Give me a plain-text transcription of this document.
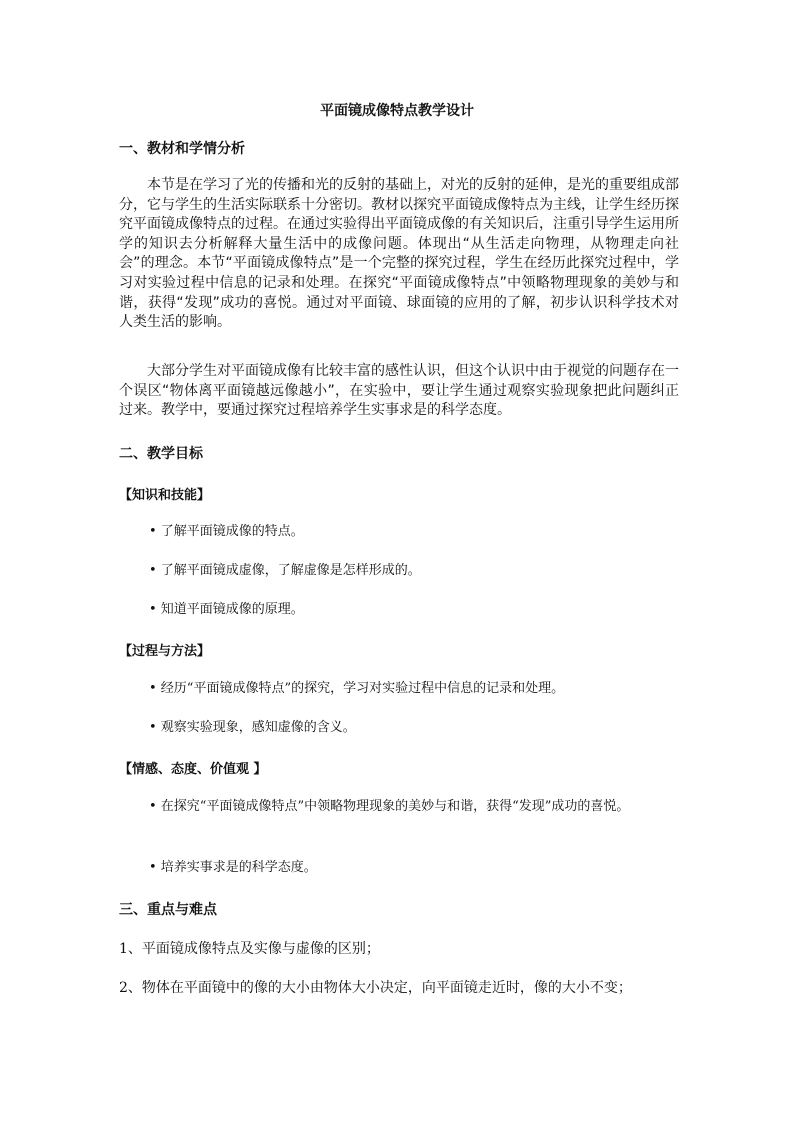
平面镜成像特点教学设计
一、教材和学情分析
本节是在学习了光的传播和光的反射的基础上，对光的反射的延伸，是光的重要组成部分，它与学生的生活实际联系十分密切。教材以探究平面镜成像特点为主线，让学生经历探究平面镜成像特点的过程。在通过实验得出平面镜成像的有关知识后，注重引导学生运用所学的知识去分析解释大量生活中的成像问题。体现出“从生活走向物理，从物理走向社会”的理念。本节“平面镜成像特点”是一个完整的探究过程，学生在经历此探究过程中，学习对实验过程中信息的记录和处理。在探究“平面镜成像特点”中领略物理现象的美妙与和谐，获得“发现”成功的喜悦。通过对平面镜、球面镜的应用的了解，初步认识科学技术对人类生活的影响。
大部分学生对平面镜成像有比较丰富的感性认识，但这个认识中由于视觉的问题存在一个误区“物体离平面镜越远像越小”，在实验中，要让学生通过观察实验现象把此问题纠正过来。教学中，要通过探究过程培养学生实事求是的科学态度。
二、教学目标
【知识和技能】
• 了解平面镜成像的特点。
• 了解平面镜成虚像，了解虚像是怎样形成的。
• 知道平面镜成像的原理。
【过程与方法】
• 经历“平面镜成像特点”的探究，学习对实验过程中信息的记录和处理。
• 观察实验现象，感知虚像的含义。
【情感、态度、价值观 】
• 在探究“平面镜成像特点”中领略物理现象的美妙与和谐，获得“发现”成功的喜悦。
• 培养实事求是的科学态度。
三、重点与难点
1、平面镜成像特点及实像与虚像的区别；
2、物体在平面镜中的像的大小由物体大小决定，向平面镜走近时，像的大小不变；
